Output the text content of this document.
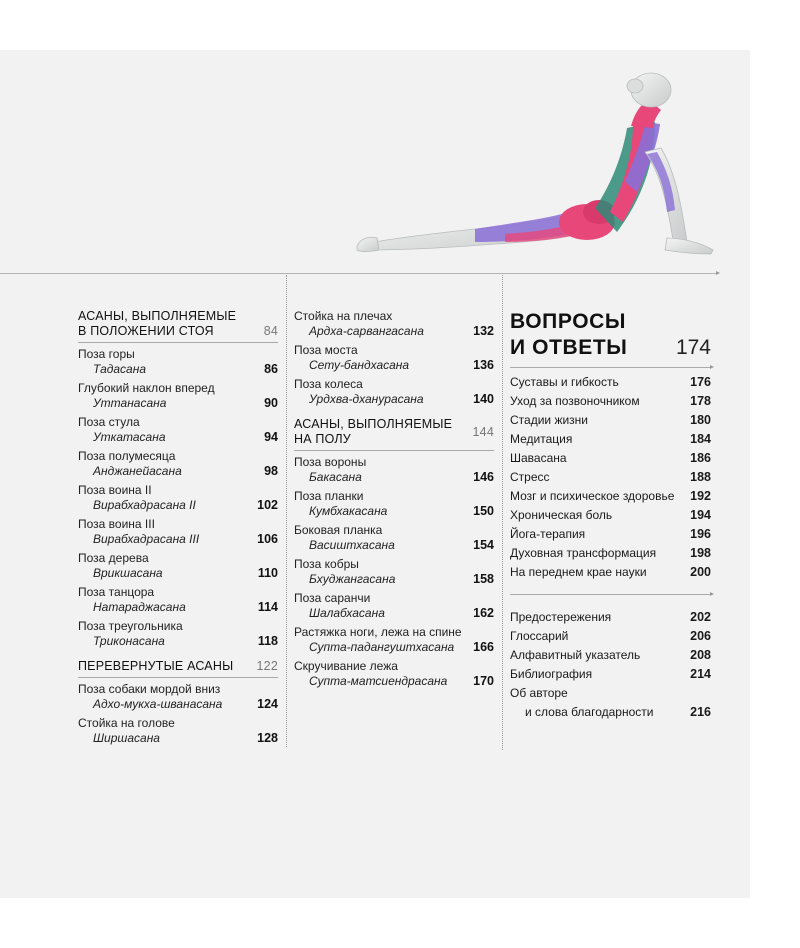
АСАНЫ, ВЫПОЛНЯЕМЫЕ
В ПОЛОЖЕНИИ СТОЯ	84
Поза горы
Тадасана	86
Глубокий наклон вперед
Уттанасана	90
Поза стула
Уткатасана	94
Поза полумесяца
Анджанейасана	98
Поза воина II
Вирабхадрасана II	102
Поза воина III
Вирабхадрасана III	106
Поза дерева
Врикшасана	110
Поза танцора
Натараджасана	114
Поза треугольника
Триконасана	118
ПЕРЕВЕРНУТЫЕ АСАНЫ 122
Поза собаки мордой вниз
Адхо-мукха-шванасана	124
Стойка на голове
Ширшасана	128
Стойка на плечах
Ардха-сарвангасана	132
Поза моста
Сету-бандхасана	136
Поза колеса
Урдхва-дханурасана	140
АСАНЫ, ВЫПОЛНЯЕМЫЕ
НА ПОЛУ
144
Поза вороны
Бакасана	146
Поза планки
Кумбхакасана	150
Боковая планка
Васиштхасана	154
Поза кобры
Бхуджангасана	158
Поза саранчи
Шалабхасана	162
Растяжка ноги, лежа на спине
Супта-падангуштхасана	166
Скручивание лежа
Супта-матсиендрасана 170
ВОПРОСЫ
И ОТВЕТЫ 174
Суставы и гибкость	176
Уход за позвоночником	178
Стадии жизни	180
Медитация	184
Шавасана	186
Стресс	188
Мозг и психическое здоровье 192
Хроническая боль	194
Йога-терапия	196
Духовная трансформация	198
На переднем крае науки	200
Предостережения	202
Глоссарий	206
Алфавитный указатель	208
Библиография	214
Об авторе
и слова благодарности	216
